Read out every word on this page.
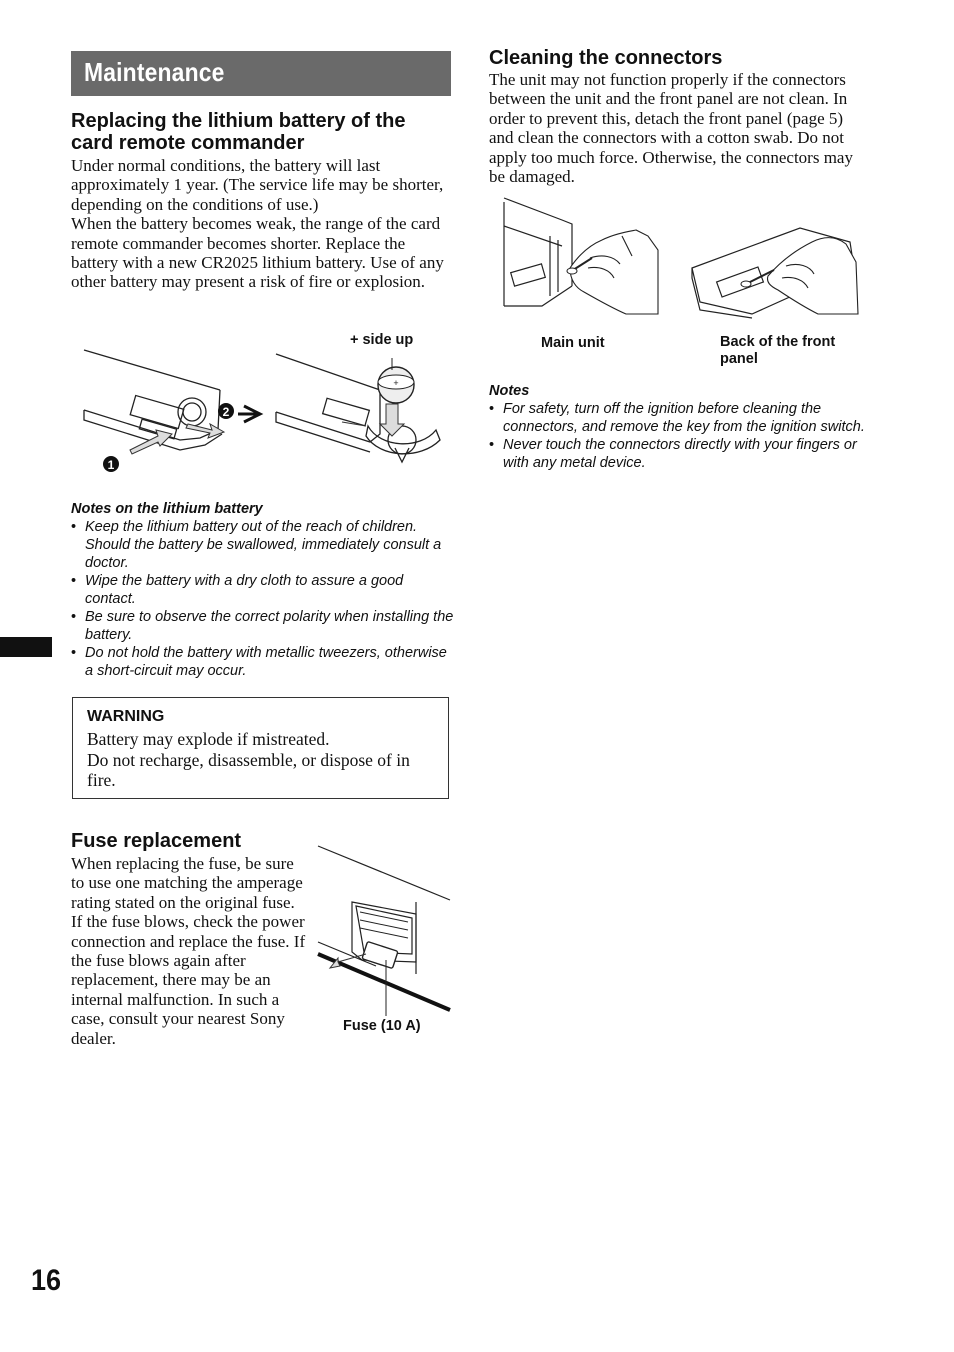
Maintenance
Replacing the lithium battery of the card remote commander

Under normal conditions, the battery will last approximately 1 year. (The service life may be shorter, depending on the conditions of use.)

When the battery becomes weak, the range of the card remote commander becomes shorter. Replace the battery with a new CR2025 lithium battery. Use of any other battery may present a risk of fire or explosion.

1
2
+
+ side up
Notes on the lithium battery
• Keep the lithium battery out of the reach of children. Should the battery be swallowed, immediately consult a doctor.
• Wipe the battery with a dry cloth to assure a good contact.
• Be sure to observe the correct polarity when installing the battery.
• Do not hold the battery with metallic tweezers, otherwise a short-circuit may occur.
WARNING
Battery may explode if mistreated.
Do not recharge, disassemble, or dispose of in fire.
Fuse replacement
When replacing the fuse, be sure to use one matching the amperage rating stated on the original fuse. If the fuse blows, check the power connection and replace the fuse. If the fuse blows again after replacement, there may be an internal malfunction. In such a case, consult your nearest Sony dealer.
Fuse (10 A)
Cleaning the connectors
The unit may not function properly if the connectors between the unit and the front panel are not clean. In order to prevent this, detach the front panel (page 5) and clean the connectors with a cotton swab. Do not apply too much force. Otherwise, the connectors may be damaged.
Main unit	Back of the front panel
Notes
• For safety, turn off the ignition before cleaning the connectors, and remove the key from the ignition switch.
• Never touch the connectors directly with your fingers or with any metal device.
16
